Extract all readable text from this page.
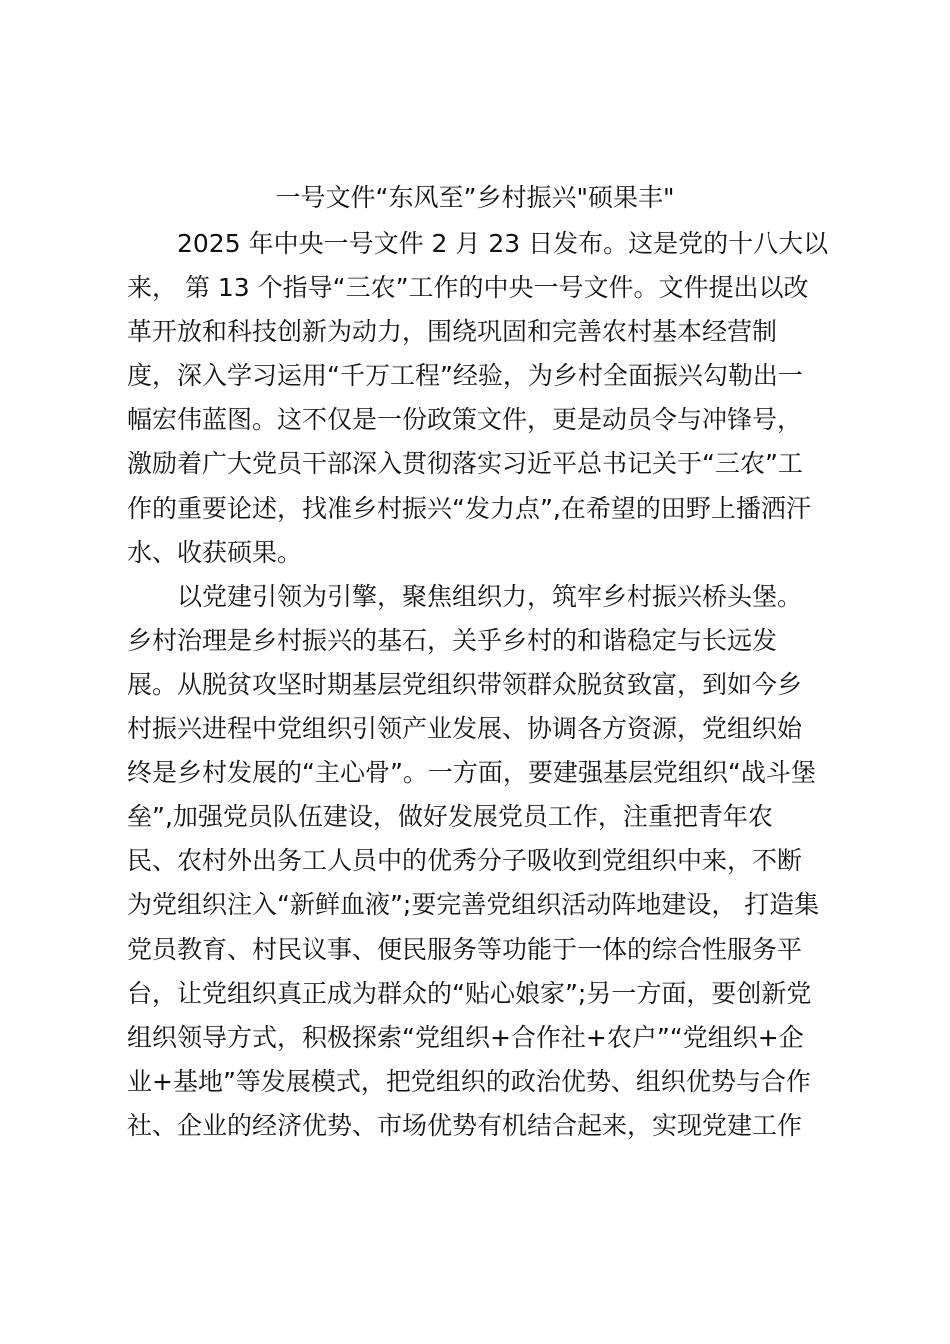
一号文件“东风至”乡村振兴"硕果丰"
2025 年中央一号文件 2 月 23 日发布。这是党的十八大以
来， 第 13 个指导“三农”工作的中央一号文件。文件提出以改
革开放和科技创新为动力，围绕巩固和完善农村基本经营制
度，深入学习运用“千万工程”经验，为乡村全面振兴勾勒出一
幅宏伟蓝图。这不仅是一份政策文件，更是动员令与冲锋号，
激励着广大党员干部深入贯彻落实习近平总书记关于“三农”工
作的重要论述，找准乡村振兴“发力点”,在希望的田野上播洒汗
水、收获硕果。
以党建引领为引擎，聚焦组织力，筑牢乡村振兴桥头堡。
乡村治理是乡村振兴的基石，关乎乡村的和谐稳定与长远发
展。从脱贫攻坚时期基层党组织带领群众脱贫致富，到如今乡
村振兴进程中党组织引领产业发展、协调各方资源，党组织始
终是乡村发展的“主心骨”。一方面，要建强基层党组织“战斗堡
垒”,加强党员队伍建设，做好发展党员工作，注重把青年农
民、农村外出务工人员中的优秀分子吸收到党组织中来，不断
为党组织注入“新鲜血液”;要完善党组织活动阵地建设， 打造集
党员教育、村民议事、便民服务等功能于一体的综合性服务平
台，让党组织真正成为群众的“贴心娘家”;另一方面，要创新党
组织领导方式，积极探索“党组织+合作社+农户”“党组织+企
业+基地”等发展模式，把党组织的政治优势、组织优势与合作
社、企业的经济优势、市场优势有机结合起来，实现党建工作
